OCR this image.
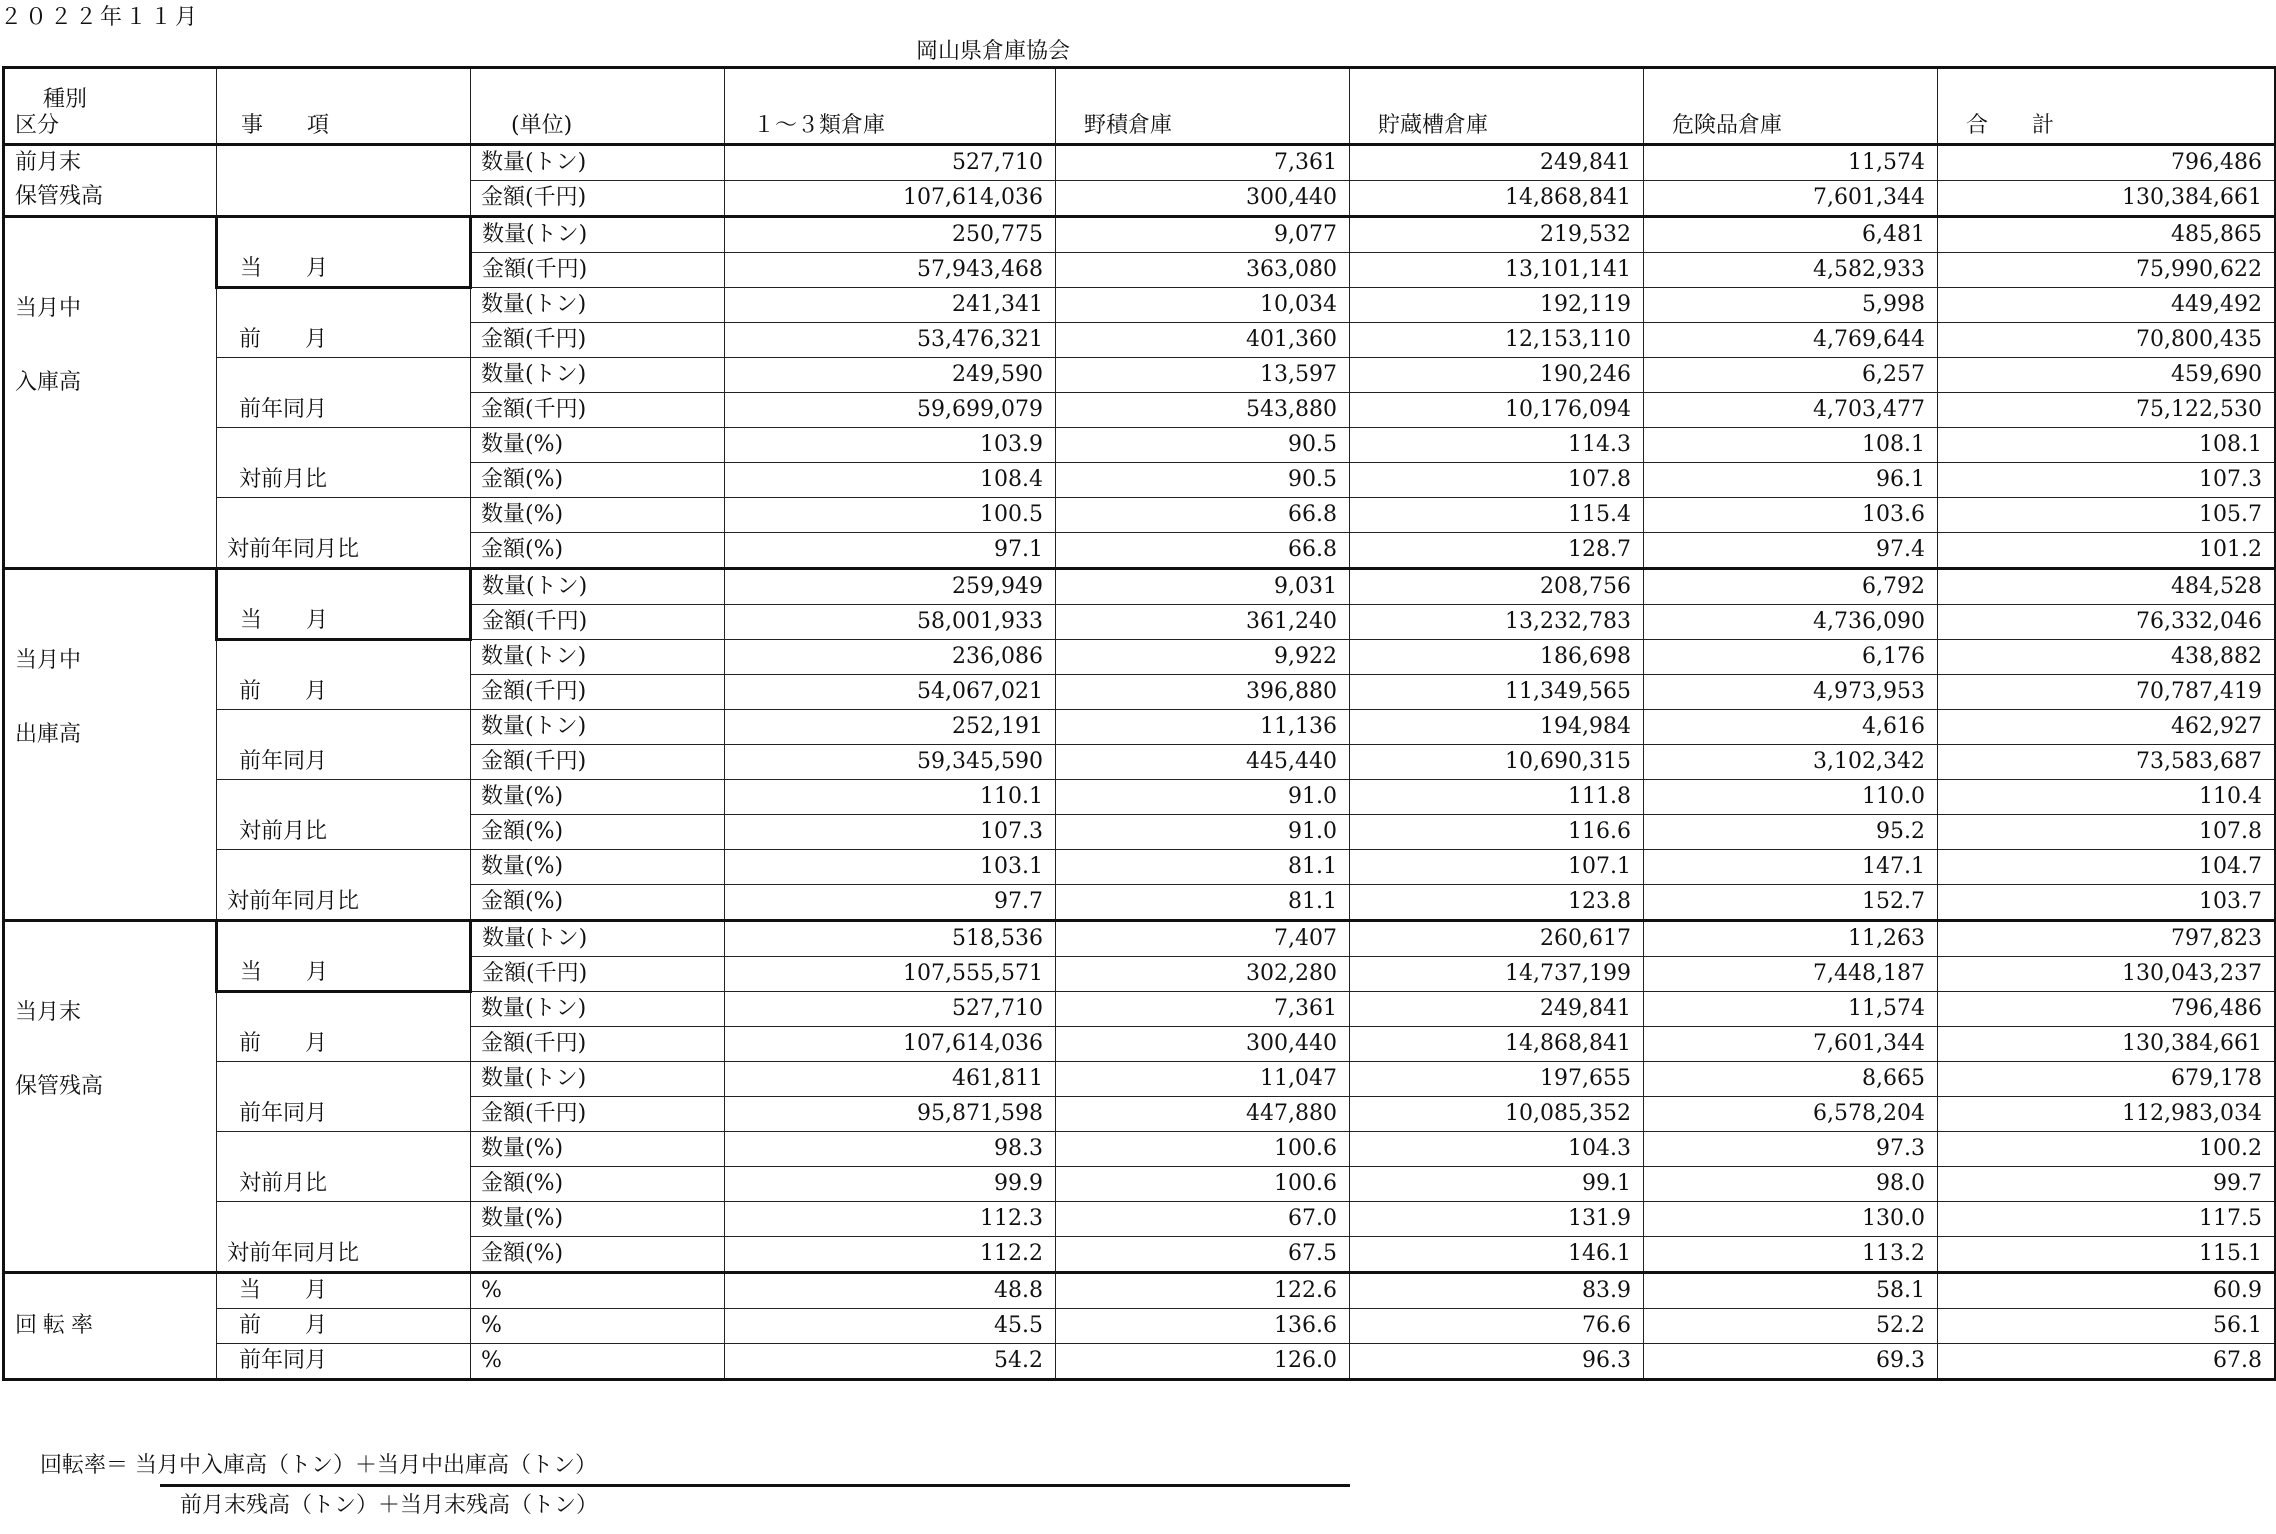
２０２２年１１月
岡山県倉庫協会
種別
区分	事　　項	(単位)	１～３類倉庫	野積倉庫	貯蔵槽倉庫	危険品倉庫	合　　計

前月末
保管残高		数量(トン)	527,710	7,361	249,841	11,574	796,486
		金額(千円)	107,614,036	300,440	14,868,841	7,601,344	130,384,661

当月中
入庫高	当　　月	数量(トン)	250,775	9,077	219,532	6,481	485,865
		金額(千円)	57,943,468	363,080	13,101,141	4,582,933	75,990,622
	前　　月	数量(トン)	241,341	10,034	192,119	5,998	449,492
		金額(千円)	53,476,321	401,360	12,153,110	4,769,644	70,800,435
	前年同月	数量(トン)	249,590	13,597	190,246	6,257	459,690
		金額(千円)	59,699,079	543,880	10,176,094	4,703,477	75,122,530
	対前月比	数量(%)	103.9	90.5	114.3	108.1	108.1
		金額(%)	108.4	90.5	107.8	96.1	107.3
	対前年同月比	数量(%)	100.5	66.8	115.4	103.6	105.7
		金額(%)	97.1	66.8	128.7	97.4	101.2

当月中
出庫高	当　　月	数量(トン)	259,949	9,031	208,756	6,792	484,528
		金額(千円)	58,001,933	361,240	13,232,783	4,736,090	76,332,046
	前　　月	数量(トン)	236,086	9,922	186,698	6,176	438,882
		金額(千円)	54,067,021	396,880	11,349,565	4,973,953	70,787,419
	前年同月	数量(トン)	252,191	11,136	194,984	4,616	462,927
		金額(千円)	59,345,590	445,440	10,690,315	3,102,342	73,583,687
	対前月比	数量(%)	110.1	91.0	111.8	110.0	110.4
		金額(%)	107.3	91.0	116.6	95.2	107.8
	対前年同月比	数量(%)	103.1	81.1	107.1	147.1	104.7
		金額(%)	97.7	81.1	123.8	152.7	103.7

当月末
保管残高	当　　月	数量(トン)	518,536	7,407	260,617	11,263	797,823
		金額(千円)	107,555,571	302,280	14,737,199	7,448,187	130,043,237
	前　　月	数量(トン)	527,710	7,361	249,841	11,574	796,486
		金額(千円)	107,614,036	300,440	14,868,841	7,601,344	130,384,661
	前年同月	数量(トン)	461,811	11,047	197,655	8,665	679,178
		金額(千円)	95,871,598	447,880	10,085,352	6,578,204	112,983,034
	対前月比	数量(%)	98.3	100.6	104.3	97.3	100.2
		金額(%)	99.9	100.6	99.1	98.0	99.7
	対前年同月比	数量(%)	112.3	67.0	131.9	130.0	117.5
		金額(%)	112.2	67.5	146.1	113.2	115.1
回転率	当　　月	%	48.8	122.6	83.9	58.1	60.9
	前　　月	%	45.5	136.6	76.6	52.2	56.1
	前年同月	%	54.2	126.0	96.3	69.3	67.8
回転率＝ 当月中入庫高（トン）＋当月中出庫高（トン）
前月末残高（トン）＋当月末残高（トン）
